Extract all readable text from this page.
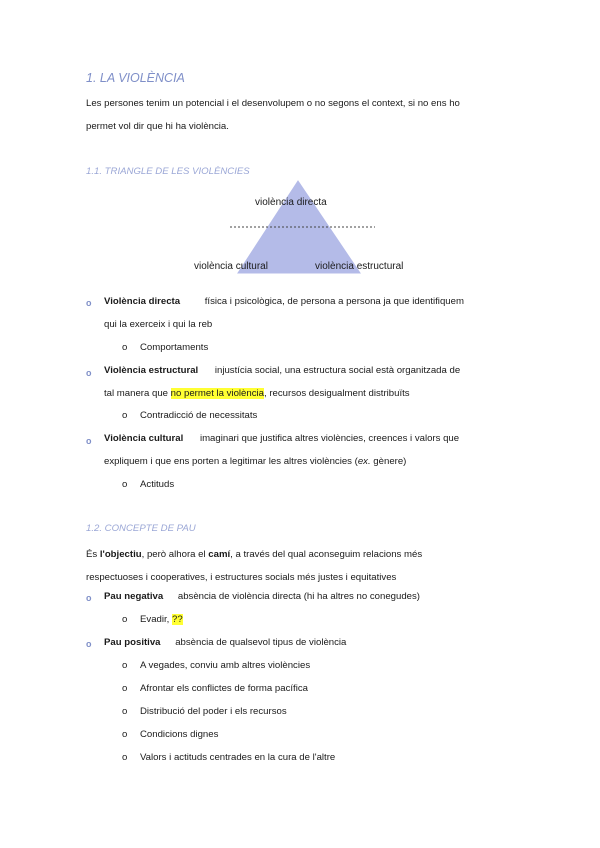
1. LA VIOLÈNCIA
Les persones tenim un potencial i el desenvolupem o no segons el context, si no ens ho
permet vol dir que hi ha violència.
1.1. TRIANGLE DE LES VIOLÈNCIES
violència directa
violència cultural	violència estructural
o Violència directa	física i psicològica, de persona a persona ja que identifiquem
qui la exerceix i qui la reb
o Comportaments
o Violència estructural injustícia social, una estructura social està organitzada de
tal manera que no permet la violència, recursos desigualment distribuïts
o Contradicció de necessitats
o Violència cultural imaginari que justifica altres violències, creences i valors que
expliquem i que ens porten a legitimar les altres violències (ex. gènere)
o Actituds
1.2. CONCEPTE DE PAU
És l'objectiu, però alhora el camí, a través del qual aconseguim relacions més
respectuoses i cooperatives, i estructures socials més justes i equitatives
o Pau negativa absència de violència directa (hi ha altres no conegudes)
o Evadir, ??
o Pau positiva absència de qualsevol tipus de violència
o A vegades, conviu amb altres violències
o Afrontar els conflictes de forma pacífica
o Distribució del poder i els recursos
o Condicions dignes
o Valors i actituds centrades en la cura de l'altre
